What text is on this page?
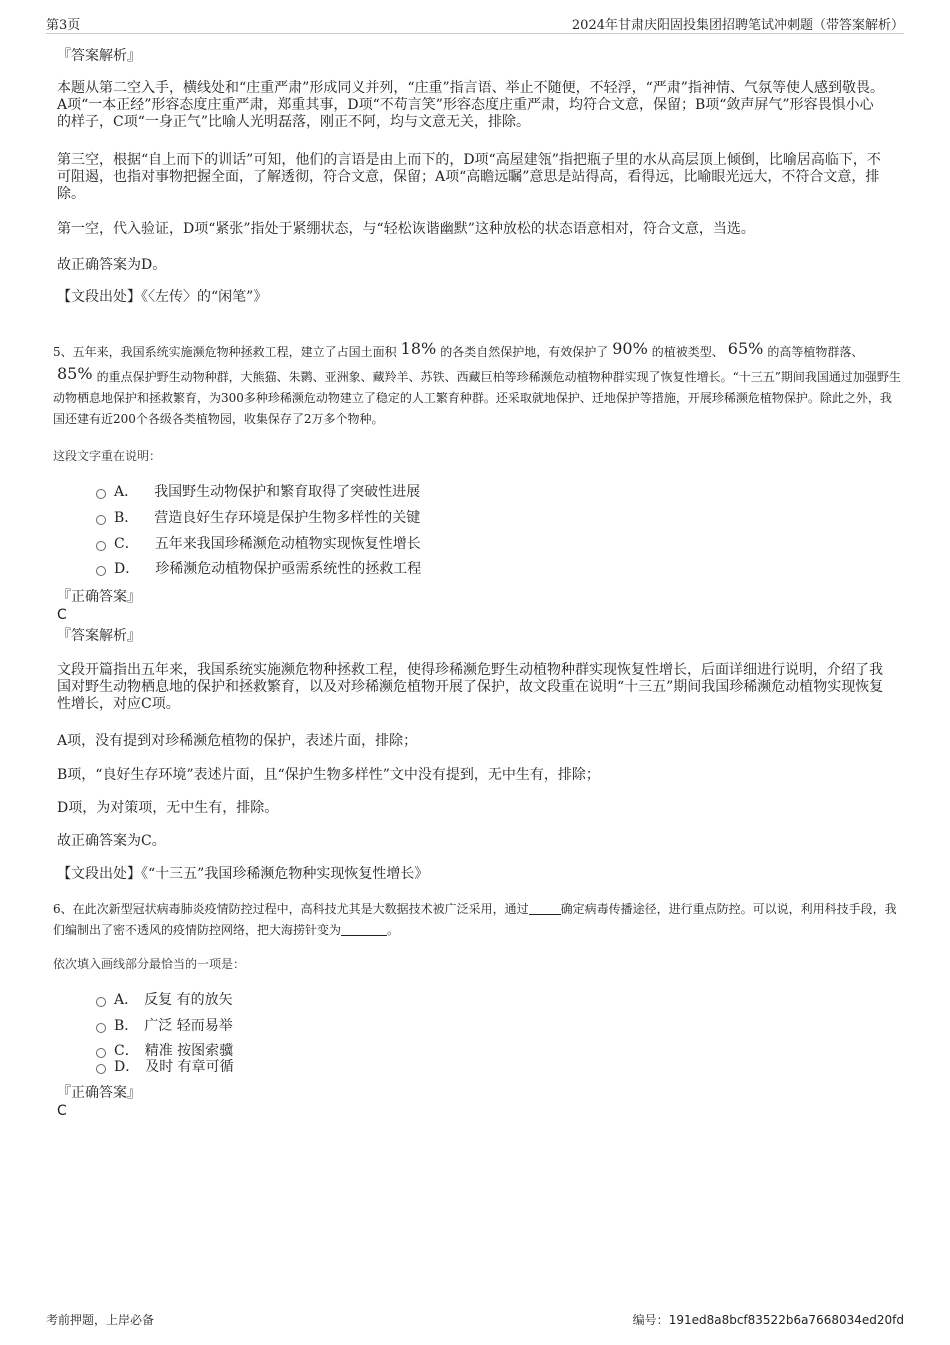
第3页	2024年甘肃庆阳固投集团招聘笔试冲刺题（带答案解析）
『答案解析』
本题从第二空入手，横线处和“庄重严肃”形成同义并列，“庄重”指言语、举止不随便，不轻浮，“严肃”指神情、气氛等使人感到敬畏。A项“一本正经”形容态度庄重严肃，郑重其事，D项“不苟言笑”形容态度庄重严肃，均符合文意，保留；B项“敛声屏气”形容畏惧小心的样子，C项“一身正气”比喻人光明磊落，刚正不阿，均与文意无关，排除。
第三空，根据“自上而下的训话”可知，他们的言语是由上而下的，D项“高屋建瓴”指把瓶子里的水从高层顶上倾倒，比喻居高临下，不可阻遏，也指对事物把握全面，了解透彻，符合文意，保留；A项“高瞻远瞩”意思是站得高，看得远，比喻眼光远大，不符合文意，排除。
第一空，代入验证，D项“紧张”指处于紧绷状态，与“轻松诙谐幽默”这种放松的状态语意相对，符合文意，当选。
故正确答案为D。
【文段出处】《〈左传〉的“闲笔”》
5、五年来，我国系统实施濒危物种拯救工程，建立了占国土面积 18% 的各类自然保护地，有效保护了 90% 的植被类型、 65% 的高等植物群落、85% 的重点保护野生动物种群，大熊猫、朱鹮、亚洲象、藏羚羊、苏铁、西藏巨柏等珍稀濒危动植物种群实现了恢复性增长。“十三五”期间我国通过加强野生动物栖息地保护和拯救繁育，为300多种珍稀濒危动物建立了稳定的人工繁育种群。还采取就地保护、迁地保护等措施，开展珍稀濒危植物保护。除此之外，我国还建有近200个各级各类植物园，收集保存了2万多个物种。
这段文字重在说明：
A． 我国野生动物保护和繁育取得了突破性进展
B． 营造良好生存环境是保护生物多样性的关键
C． 五年来我国珍稀濒危动植物实现恢复性增长
D． 珍稀濒危动植物保护亟需系统性的拯救工程
『正确答案』
C
『答案解析』
文段开篇指出五年来，我国系统实施濒危物种拯救工程，使得珍稀濒危野生动植物种群实现恢复性增长，后面详细进行说明，介绍了我国对野生动物栖息地的保护和拯救繁育，以及对珍稀濒危植物开展了保护，故文段重在说明“十三五”期间我国珍稀濒危动植物实现恢复性增长，对应C项。
A项，没有提到对珍稀濒危植物的保护，表述片面，排除；
B项，“良好生存环境”表述片面，且“保护生物多样性”文中没有提到，无中生有，排除；
D项，为对策项，无中生有，排除。
故正确答案为C。
【文段出处】《“十三五”我国珍稀濒危物种实现恢复性增长》
6、在此次新型冠状病毒肺炎疫情防控过程中，高科技尤其是大数据技术被广泛采用，通过	确定病毒传播途径，进行重点防控。可以说，利用科技手段，我们编制出了密不透风的疫情防控网络，把大海捞针变为	。
依次填入画线部分最恰当的一项是：
A． 反复 有的放矢
B． 广泛 轻而易举
C． 精准 按图索骥
D． 及时 有章可循
『正确答案』
C
考前押题，上岸必备	编号：191ed8a8bcf83522b6a7668034ed20fd
